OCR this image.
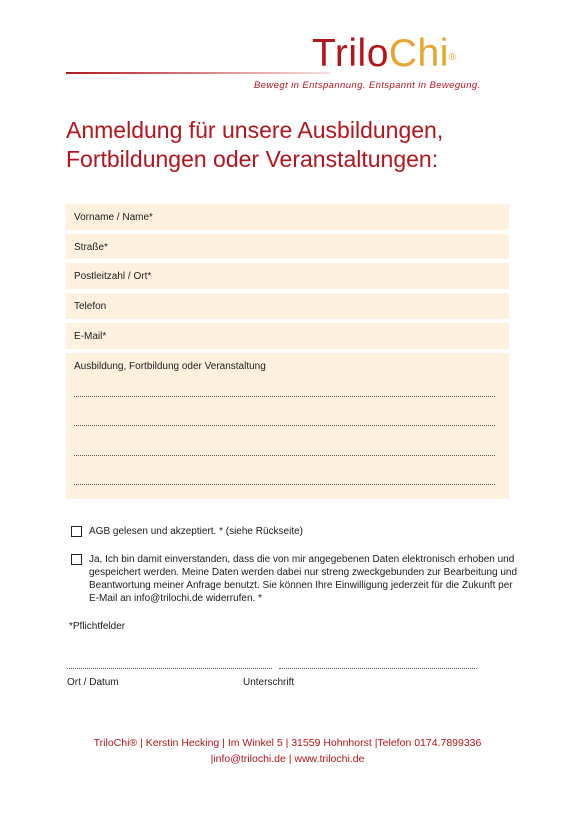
TriloChi®
Bewegt in Entspannung. Entspannt in Bewegung.
Anmeldung für unsere Ausbildungen,
Fortbildungen oder Veranstaltungen:
Vorname / Name*
Straße*
Postleitzahl / Ort*
Telefon
E-Mail*
Ausbildung, Fortbildung oder Veranstaltung
AGB gelesen und akzeptiert. * (siehe Rückseite)
Ja, Ich bin damit einverstanden, dass die von mir angegebenen Daten elektronisch erhoben und gespeichert werden. Meine Daten werden dabei nur streng zweckgebunden zur Bearbeitung und Beantwortung meiner Anfrage benutzt. Sie können Ihre Einwilligung jederzeit für die Zukunft per E-Mail an info@trilochi.de widerrufen. *
*Pflichtfelder
Ort / Datum	Unterschrift
TriloChi® | Kerstin Hecking | Im Winkel 5 | 31559 Hohnhorst |Telefon 0174.7899336
|info@trilochi.de | www.trilochi.de
